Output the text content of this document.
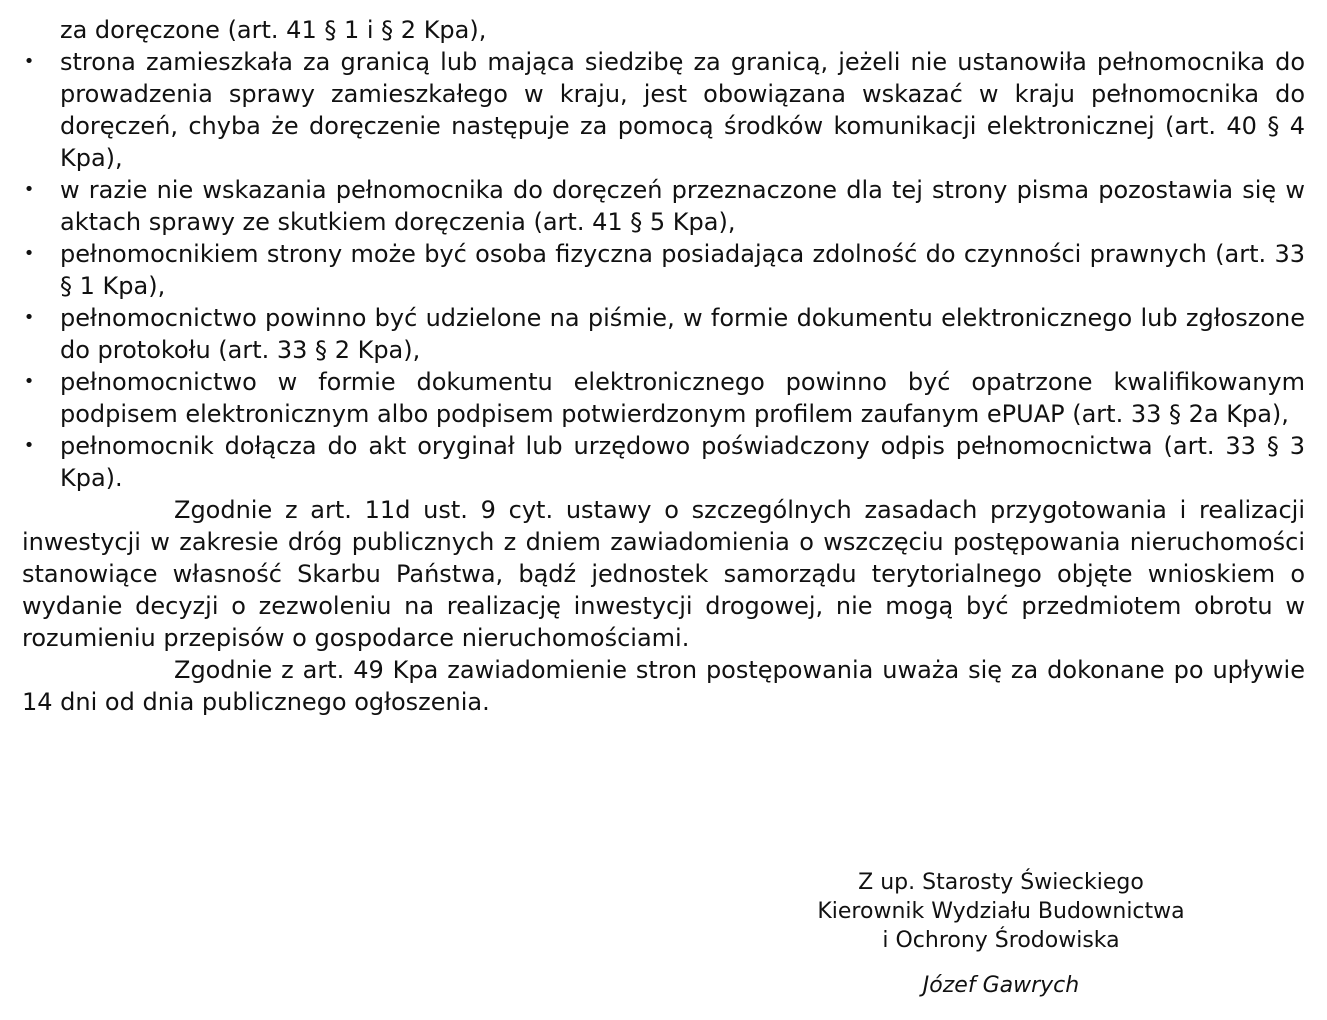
za doręczone (art. 41 § 1 i § 2 Kpa),
• strona zamieszkała za granicą lub mająca siedzibę za granicą, jeżeli nie ustanowiła pełnomocnika do prowadzenia sprawy zamieszkałego w kraju, jest obowiązana wskazać w kraju pełnomocnika do doręczeń, chyba że doręczenie następuje za pomocą środków komunikacji elektronicznej (art. 40 § 4 Kpa),
• w razie nie wskazania pełnomocnika do doręczeń przeznaczone dla tej strony pisma pozostawia się w aktach sprawy ze skutkiem doręczenia (art. 41 § 5 Kpa),
• pełnomocnikiem strony może być osoba fizyczna posiadająca zdolność do czynności prawnych (art. 33 § 1 Kpa),
• pełnomocnictwo powinno być udzielone na piśmie, w formie dokumentu elektronicznego lub zgłoszone do protokołu (art. 33 § 2 Kpa),
• pełnomocnictwo w formie dokumentu elektronicznego powinno być opatrzone kwalifikowanym podpisem elektronicznym albo podpisem potwierdzonym profilem zaufanym ePUAP (art. 33 § 2a Kpa),
• pełnomocnik dołącza do akt oryginał lub urzędowo poświadczony odpis pełnomocnictwa (art. 33 § 3 Kpa).

Zgodnie z art. 11d ust. 9 cyt. ustawy o szczególnych zasadach przygotowania i realizacji inwestycji w zakresie dróg publicznych z dniem zawiadomienia o wszczęciu postępowania nieruchomości stanowiące własność Skarbu Państwa, bądź jednostek samorządu terytorialnego objęte wnioskiem o wydanie decyzji o zezwoleniu na realizację inwestycji drogowej, nie mogą być przedmiotem obrotu w rozumieniu przepisów o gospodarce nieruchomościami.

Zgodnie z art. 49 Kpa zawiadomienie stron postępowania uważa się za dokonane po upływie 14 dni od dnia publicznego ogłoszenia.

Z up. Starosty Świeckiego
Kierownik Wydziału Budownictwa
i Ochrony Środowiska
Józef Gawrych
